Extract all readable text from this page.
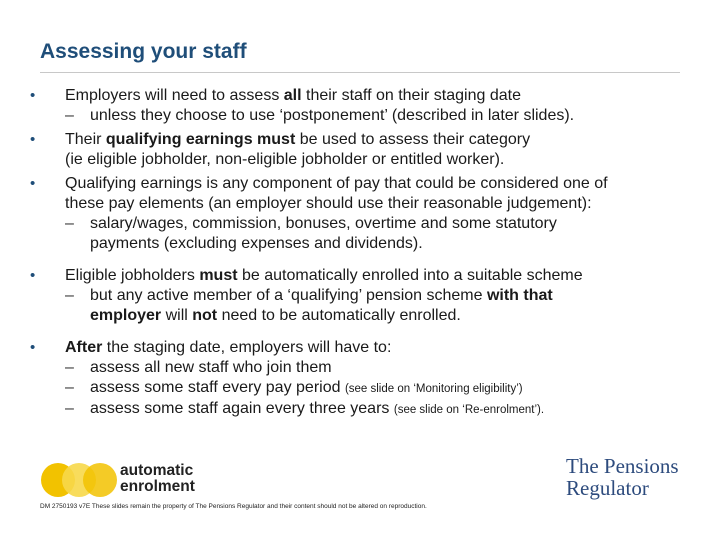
Assessing your staff
•	Employers will need to assess all their staff on their staging date
– unless they choose to use ‘postponement’ (described in later slides).
•	Their qualifying earnings must be used to assess their category
(ie eligible jobholder, non-eligible jobholder or entitled worker).
•	Qualifying earnings is any component of pay that could be considered one of
these pay elements (an employer should use their reasonable judgement):
– salary/wages, commission, bonuses, overtime and some statutory
payments (excluding expenses and dividends).
•	Eligible jobholders must be automatically enrolled into a suitable scheme
– but any active member of a ‘qualifying’ pension scheme with that
employer will not need to be automatically enrolled.
•	After the staging date, employers will have to:
– assess all new staff who join them
– assess some staff every pay period (see slide on ‘Monitoring eligibility’)
– assess some staff again every three years (see slide on ‘Re-enrolment’).
automatic
enrolment
The Pensions
Regulator
DM 2750193 v7E These slides remain the property of The Pensions Regulator and their content should not be altered on reproduction.
